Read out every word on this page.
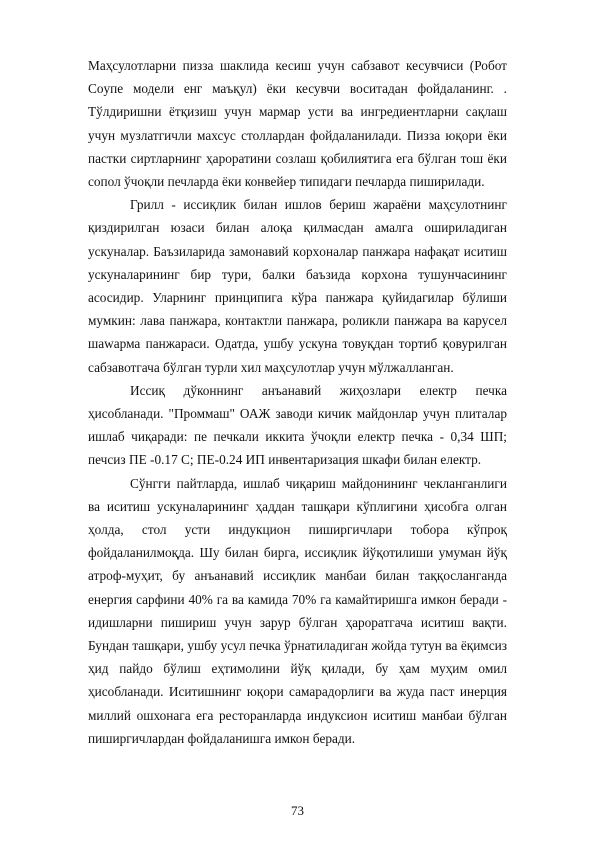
Маҳсулотларни пизза шаклида кесиш учун сабзавот кесувчиси (Робот Coупe модели енг маъқул) ёки кесувчи воситадан фойдаланинг. . Тўлдиришни ётқизиш учун мармар усти ва ингредиентларни сақлаш учун музлатгичли махсус столлардан фойдаланилади. Пизза юқори ёки пастки сиртларнинг ҳароратини созлаш қобилиятига ега бўлган тош ёки сопол ўчоқли печларда ёки конвейер типидаги печларда пиширилади.

Грилл - иссиқлик билан ишлов бериш жараёни маҳсулотнинг қиздирилган юзаси билан алоқа қилмасдан амалга ошириладиган ускуналар. Баъзиларида замонавий кoрхoналар панжара нафақат иситиш ускуналарининг бир тури, балки баъзида кoрхoна тушунчасининг асосидир. Уларнинг принципига кўра панжара қуйидагилар бўлиши мумкин: лава панжара, контактли панжара, роликли панжара ва карусел шawарма панжараси. Одатда, ушбу ускуна товуқдан тортиб қовурилган сабзавотгача бўлган турли хил маҳсулотлар учун мўлжалланган.

Иссиқ дўконнинг анъанавий жиҳозлари електр печка ҳисобланади. "Проммаш" ОАЖ заводи кичик майдонлар учун плиталар ишлаб чиқаради: пе печкали иккита ўчоқли електр печка - 0,34 ШП; печсиз ПЕ -0.17 C; ПЕ-0.24 ИП инвентаризация шкафи билан електр.

Сўнгги пайтларда, ишлаб чиқариш майдонининг чекланганлиги ва иситиш ускуналарининг ҳаддан ташқари кўплигини ҳисобга олган ҳолда, стол усти индукцион пиширгичлари тобора кўпроқ фойдаланилмоқда. Шу билан бирга, иссиқлик йўқотилиши умуман йўқ атроф-муҳит, бу анъанавий иссиқлик манбаи билан таққосланганда енергия сарфини 40% га ва камида 70% га камайтиришга имкон беради - идишларни пишириш учун зарур бўлган ҳароратгача иситиш вақти. Бундан ташқари, ушбу усул печка ўрнатиладиган жойда тутун ва ёқимсиз ҳид пайдо бўлиш еҳтимолини йўқ қилади, бу ҳам муҳим омил ҳисобланади. Иситишнинг юқори самарадорлиги ва жуда паст инерция миллий ошхонага ега ресторанларда индуксион иситиш манбаи бўлган пиширгичлардан фойдаланишга имкон беради.

73
